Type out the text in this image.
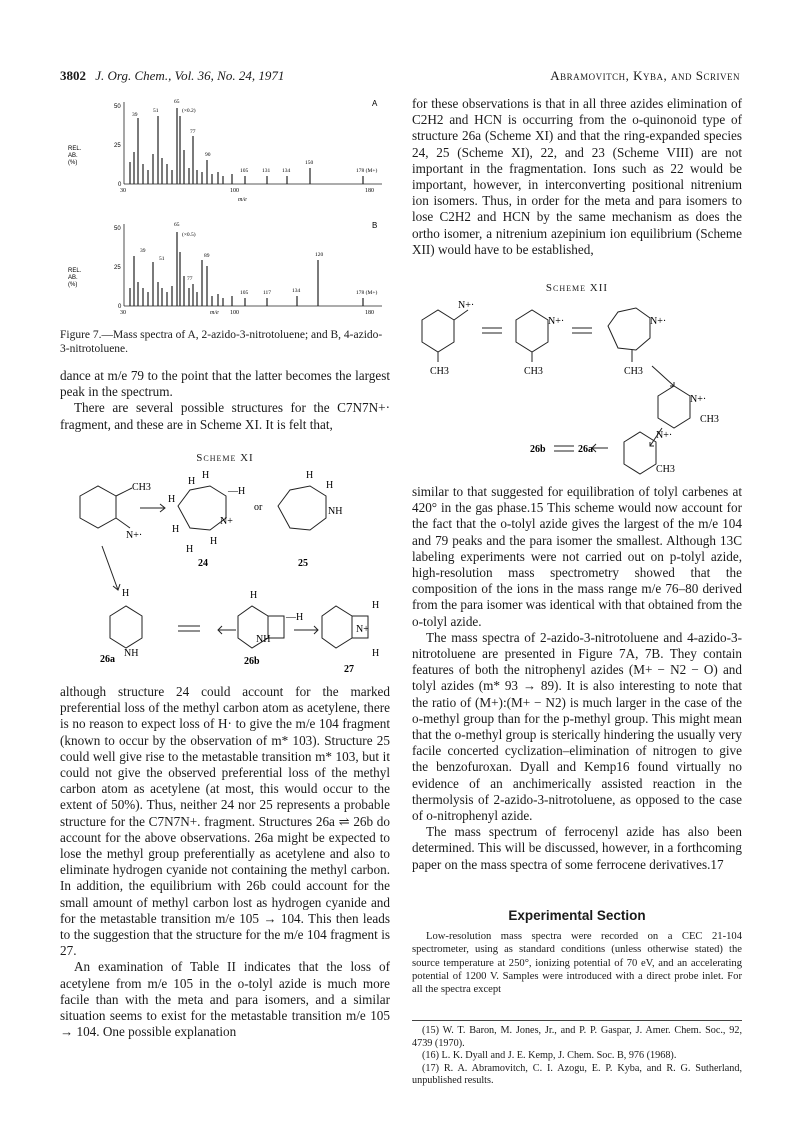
3802 J. Org. Chem., Vol. 36, No. 24, 1971	Abramovitch, Kyba, and Scriven
A
REL.
AB.
(%)
50
25
0
39
51
65
(×0.2)
77
90
105	131 134
150
178 (M+)
30	100	180
m/e
B
REL.
AB.
(%)
50
25
0
39
51
65
(×0.5)
77
89
105	117	134
120
178 (M+)
30	100	180
m/e
Figure 7.—Mass spectra of A, 2-azido-3-nitrotoluene; and B, 4-azido-3-nitrotoluene.

dance at m/e 79 to the point that the latter becomes the largest peak in the spectrum.

There are several possible structures for the C7N7N+· fragment, and these are in Scheme XI. It is felt that,

Scheme XI
CH3
N+·
H
H
H
—H
N+
or
H
H
H
H
H
NH
24	25
H
26a
NH
H
—H
NH
26b
H
N+
27
H

although structure 24 could account for the marked preferential loss of the methyl carbon atom as acetylene, there is no reason to expect loss of H· to give the m/e 104 fragment (known to occur by the observation of m* 103). Structure 25 could well give rise to the metastable transition m* 103, but it could not give the observed preferential loss of the methyl carbon atom as acetylene (at most, this would occur to the extent of 50%). Thus, neither 24 nor 25 represents a probable structure for the C7N7N+. fragment. Structures 26a ⇌ 26b do account for the above observations. 26a might be expected to lose the methyl group preferentially as acetylene and also to eliminate hydrogen cyanide not containing the methyl carbon. In addition, the equilibrium with 26b could account for the small amount of methyl carbon lost as hydrogen cyanide and for the metastable transition m/e 105 → 104. This then leads to the suggestion that the structure for the m/e 104 fragment is 27.

An examination of Table II indicates that the loss of acetylene from m/e 105 in the o-tolyl azide is much more facile than with the meta and para isomers, and a similar situation seems to exist for the metastable transition m/e 105 → 104. One possible explanation

for these observations is that in all three azides elimination of C2H2 and HCN is occurring from the o-quinonoid type of structure 26a (Scheme XI) and that the ring-expanded species 24, 25 (Scheme XI), 22, and 23 (Scheme VIII) are not important in the fragmentation. Ions such as 22 would be important, however, in interconverting positional nitrenium ion isomers. Thus, in order for the meta and para isomers to lose C2H2 and HCN by the same mechanism as does the ortho isomer, a nitrenium azepinium ion equilibrium (Scheme XII) would have to be established,

Scheme XII
N+·
CH3
N+·
CH3
N+·
CH3
N+·
CH3
N+·
CH3
26b	26a

similar to that suggested for equilibration of tolyl carbenes at 420° in the gas phase.15 This scheme would now account for the fact that the o-tolyl azide gives the largest of the m/e 104 and 79 peaks and the para isomer the smallest. Although 13C labeling experiments were not carried out on p-tolyl azide, high-resolution mass spectrometry showed that the composition of the ions in the mass range m/e 76–80 derived from the para isomer was identical with that obtained from the o-tolyl azide.

The mass spectra of 2-azido-3-nitrotoluene and 4-azido-3-nitrotoluene are presented in Figure 7A, 7B. They contain features of both the nitrophenyl azides (M+ − N2 − O) and tolyl azides (m* 93 → 89). It is also interesting to note that the ratio of (M+):(M+ − N2) is much larger in the case of the o-methyl group than for the p-methyl group. This might mean that the o-methyl group is sterically hindering the usually very facile concerted cyclization–elimination of nitrogen to give the benzofuroxan. Dyall and Kemp16 found virtually no evidence of an anchimerically assisted reaction in the thermolysis of 2-azido-3-nitrotoluene, as opposed to the case of o-nitrophenyl azide.

The mass spectrum of ferrocenyl azide has also been determined. This will be discussed, however, in a forthcoming paper on the mass spectra of some ferrocene derivatives.17

Experimental Section

Low-resolution mass spectra were recorded on a CEC 21-104 spectrometer, using as standard conditions (unless otherwise stated) the source temperature at 250°, ionizing potential of 70 eV, and an accelerating potential of 1200 V. Samples were introduced with a direct probe inlet. For all the spectra except

(15) W. T. Baron, M. Jones, Jr., and P. P. Gaspar, J. Amer. Chem. Soc., 92, 4739 (1970).

(16) L. K. Dyall and J. E. Kemp, J. Chem. Soc. B, 976 (1968).

(17) R. A. Abramovitch, C. I. Azogu, E. P. Kyba, and R. G. Sutherland, unpublished results.
